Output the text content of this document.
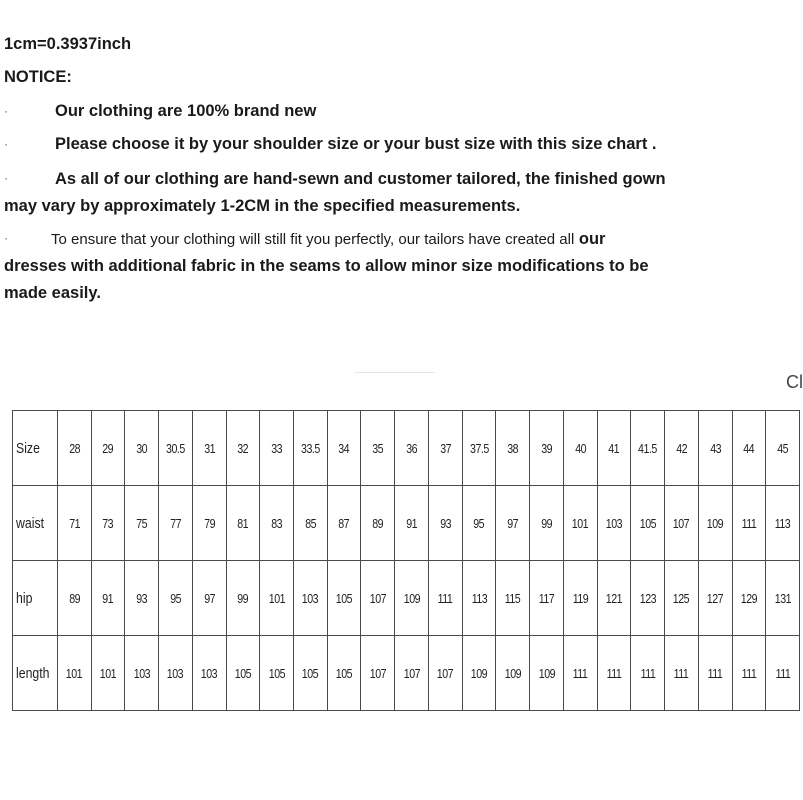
1cm=0.3937inch
NOTICE:
·	Our clothing are 100% brand new
·	Please choose it by your shoulder size or your bust size with this size chart .
·	As all of our clothing are hand-sewn and customer tailored, the finished gown
may vary by approximately 1-2CM in the specified measurements.
·	To ensure that your clothing will still fit you perfectly, our tailors have created all our
dresses with additional fabric in the seams to allow minor size modifications to be
made easily.
Cl
Size	28	29	30	30.5	31	32	33	33.5	34	35	36	37	37.5	38	39	40	41	41.5	42	43	44	45
waist	71	73	75	77	79	81	83	85	87	89	91	93	95	97	99	101	103	105	107	109	111	113
hip	89	91	93	95	97	99	101	103	105	107	109	111	113	115	117	119	121	123	125	127	129	131
length	101	101	103	103	103	105	105	105	105	107	107	107	109	109	109	111	111	111	111	111	111	111
